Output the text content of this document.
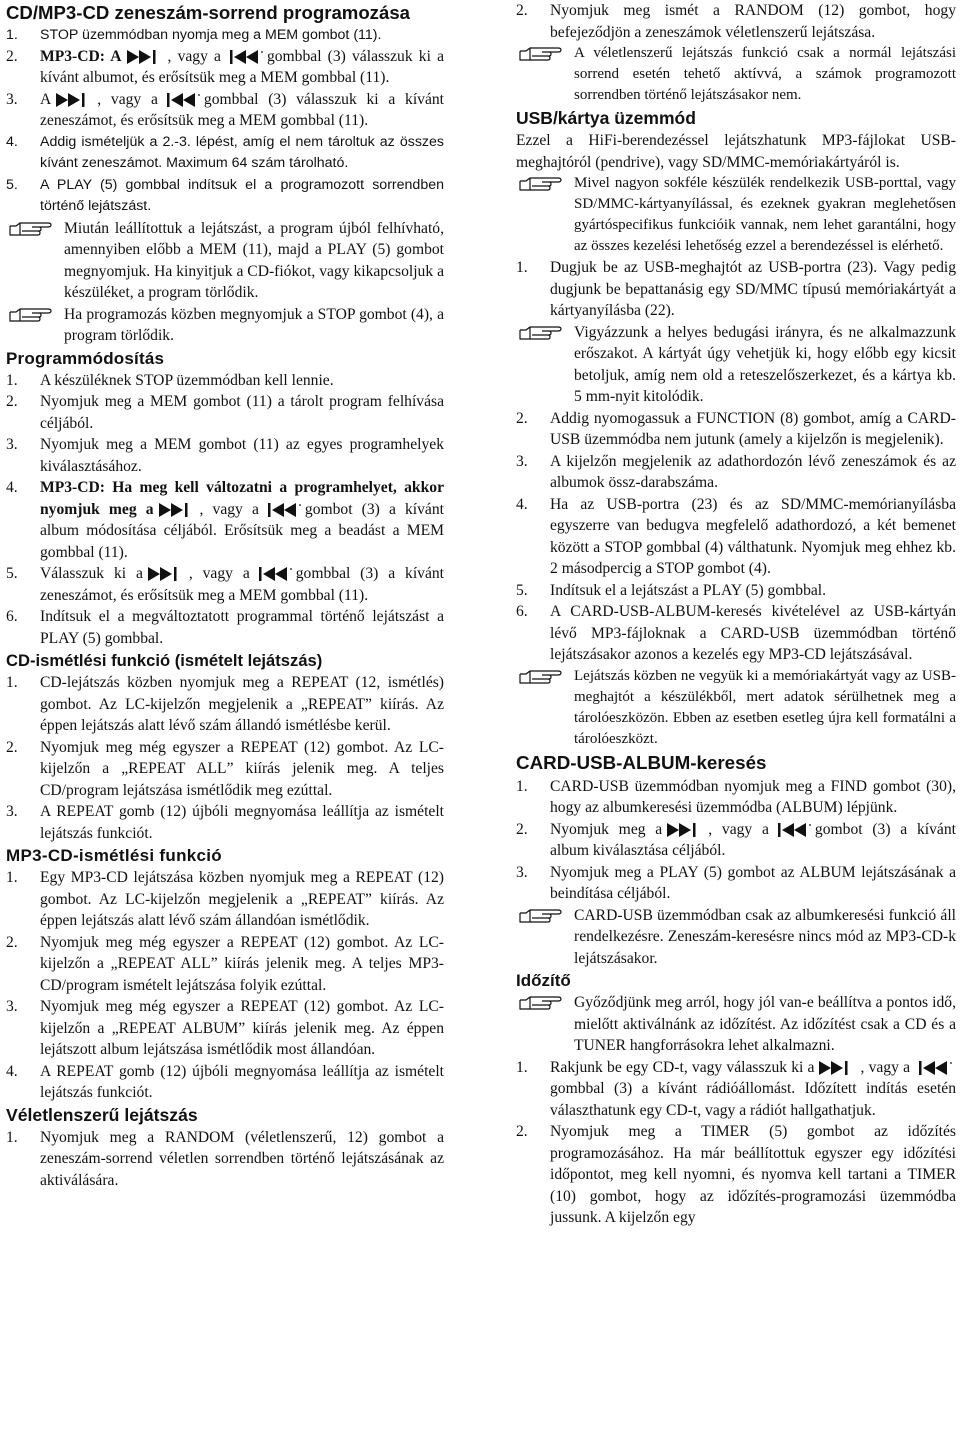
CD/MP3-CD zeneszám-sorrend programozása
1. STOP üzemmódban nyomja meg a MEM gombot (11).
2. MP3-CD: A	, vagy a	gombbal (3) válasszuk ki a kívánt albumot, és erősítsük meg a MEM gombbal (11).
3. A	, vagy a	gombbal (3) válasszuk ki a kívánt zeneszámot, és erősítsük meg a MEM gombbal (11).
4. Addig ismételjük a 2.-3. lépést, amíg el nem tároltuk az összes kívánt zeneszámot. Maximum 64 szám tárolható.
5. A PLAY (5) gombbal indítsuk el a programozott sorrendben történő lejátszást.
Miután leállítottuk a lejátszást, a program újból felhívható, amennyiben előbb a MEM (11), majd a PLAY (5) gombot megnyomjuk. Ha kinyitjuk a CD-fiókot, vagy kikapcsoljuk a készüléket, a program törlődik.
Ha programozás közben megnyomjuk a STOP gombot (4), a program törlődik.
Programmódosítás
1. A készüléknek STOP üzemmódban kell lennie.
2. Nyomjuk meg a MEM gombot (11) a tárolt program felhívása céljából.
3. Nyomjuk meg a MEM gombot (11) az egyes programhelyek kiválasztásához.
4. MP3-CD: Ha meg kell változatni a programhelyet, akkor nyomjuk meg a	, vagy a	gombot (3) a kívánt album módosítása céljából. Erősítsük meg a beadást a MEM gombbal (11).
5. Válasszuk ki a	, vagy a	gombbal (3) a kívánt zeneszámot, és erősítsük meg a MEM gombbal (11).
6. Indítsuk el a megváltoztatott programmal történő lejátszást a PLAY (5) gombbal.
CD-ismétlési funkció (ismételt lejátszás)
1. CD-lejátszás közben nyomjuk meg a REPEAT (12, ismétlés) gombot. Az LC-kijelzőn megjelenik a „REPEAT” kiírás. Az éppen lejátszás alatt lévő szám állandó ismétlésbe kerül.
2. Nyomjuk meg még egyszer a REPEAT (12) gombot. Az LC-kijelzőn a „REPEAT ALL” kiírás jelenik meg. A teljes CD/program lejátszása ismétlődik meg ezúttal.
3. A REPEAT gomb (12) újbóli megnyomása leállítja az ismételt lejátszás funkciót.
MP3-CD-ismétlési funkció
1. Egy MP3-CD lejátszása közben nyomjuk meg a REPEAT (12) gombot. Az LC-kijelzőn megjelenik a „REPEAT” kiírás. Az éppen lejátszás alatt lévő szám állandóan ismétlődik.
2. Nyomjuk meg még egyszer a REPEAT (12) gombot. Az LC-kijelzőn a „REPEAT ALL” kiírás jelenik meg. A teljes MP3-CD/program ismételt lejátszása folyik ezúttal.
3. Nyomjuk meg még egyszer a REPEAT (12) gombot. Az LC-kijelzőn a „REPEAT ALBUM” kiírás jelenik meg. Az éppen lejátszott album lejátszása ismétlődik most állandóan.
4. A REPEAT gomb (12) újbóli megnyomása leállítja az ismételt lejátszás funkciót.
Véletlenszerű lejátszás
1. Nyomjuk meg a RANDOM (véletlenszerű, 12) gombot a zeneszám-sorrend véletlen sorrendben történő lejátszásának az aktiválására.
2. Nyomjuk meg ismét a RANDOM (12) gombot, hogy befejeződjön a zeneszámok véletlenszerű lejátszása.
A véletlenszerű lejátszás funkció csak a normál lejátszási sorrend esetén tehető aktívvá, a számok programozott sorrendben történő lejátszásakor nem.
USB/kártya üzemmód
Ezzel a HiFi-berendezéssel lejátszhatunk MP3-fájlokat USB-meghajtóról (pendrive), vagy SD/MMC-memóriakártyáról is.
Mivel nagyon sokféle készülék rendelkezik USB-porttal, vagy SD/MMC-kártyanyílással, és ezeknek gyakran meglehetősen gyártóspecifikus funkcióik vannak, nem lehet garantálni, hogy az összes kezelési lehetőség ezzel a berendezéssel is elérhető.
1. Dugjuk be az USB-meghajtót az USB-portra (23). Vagy pedig dugjunk be bepattanásig egy SD/MMC típusú memóriakártyát a kártyanyílásba (22).
Vigyázzunk a helyes bedugási irányra, és ne alkalmazzunk erőszakot. A kártyát úgy vehetjük ki, hogy előbb egy kicsit betoljuk, amíg nem old a reteszelőszerkezet, és a kártya kb. 5 mm-nyit kitolódik.
2. Addig nyomogassuk a FUNCTION (8) gombot, amíg a CARD-USB üzemmódba nem jutunk (amely a kijelzőn is megjelenik).
3. A kijelzőn megjelenik az adathordozón lévő zeneszámok és az albumok össz-darabszáma.
4. Ha az USB-portra (23) és az SD/MMC-memórianyílásba egyszerre van bedugva megfelelő adathordozó, a két bemenet között a STOP gombbal (4) válthatunk. Nyomjuk meg ehhez kb. 2 másodpercig a STOP gombot (4).
5. Indítsuk el a lejátszást a PLAY (5) gombbal.
6. A CARD-USB-ALBUM-keresés kivételével az USB-kártyán lévő MP3-fájloknak a CARD-USB üzemmódban történő lejátszásakor azonos a kezelés egy MP3-CD lejátszásával.
Lejátszás közben ne vegyük ki a memóriakártyát vagy az USB-meghajtót a készülékből, mert adatok sérülhetnek meg a tárolóeszközön. Ebben az esetben esetleg újra kell formatálni a tárolóeszközt.
CARD-USB-ALBUM-keresés
1. CARD-USB üzemmódban nyomjuk meg a FIND gombot (30), hogy az albumkeresési üzemmódba (ALBUM) lépjünk.
2. Nyomjuk meg a	, vagy a	gombot (3) a kívánt album kiválasztása céljából.
3. Nyomjuk meg a PLAY (5) gombot az ALBUM lejátszásának a beindítása céljából.
CARD-USB üzemmódban csak az albumkeresési funkció áll rendelkezésre. Zeneszám-keresésre nincs mód az MP3-CD-k lejátszásakor.
Időzítő
Győződjünk meg arról, hogy jól van-e beállítva a pontos idő, mielőtt aktiválnánk az időzítést. Az időzítést csak a CD és a TUNER hangforrásokra lehet alkalmazni.
1. Rakjunk be egy CD-t, vagy válasszuk ki a	, vagy a
gombbal (3) a kívánt rádióállomást. Időzített indítás esetén választhatunk egy CD-t, vagy a rádiót hallgathatjuk.
2. Nyomjuk meg a TIMER (5) gombot az időzítés programozásához. Ha már beállítottuk egyszer egy időzítési időpontot, meg kell nyomni, és nyomva kell tartani a TIMER (10) gombot, hogy az időzítés-programozási üzemmódba jussunk. A kijelzőn egy
